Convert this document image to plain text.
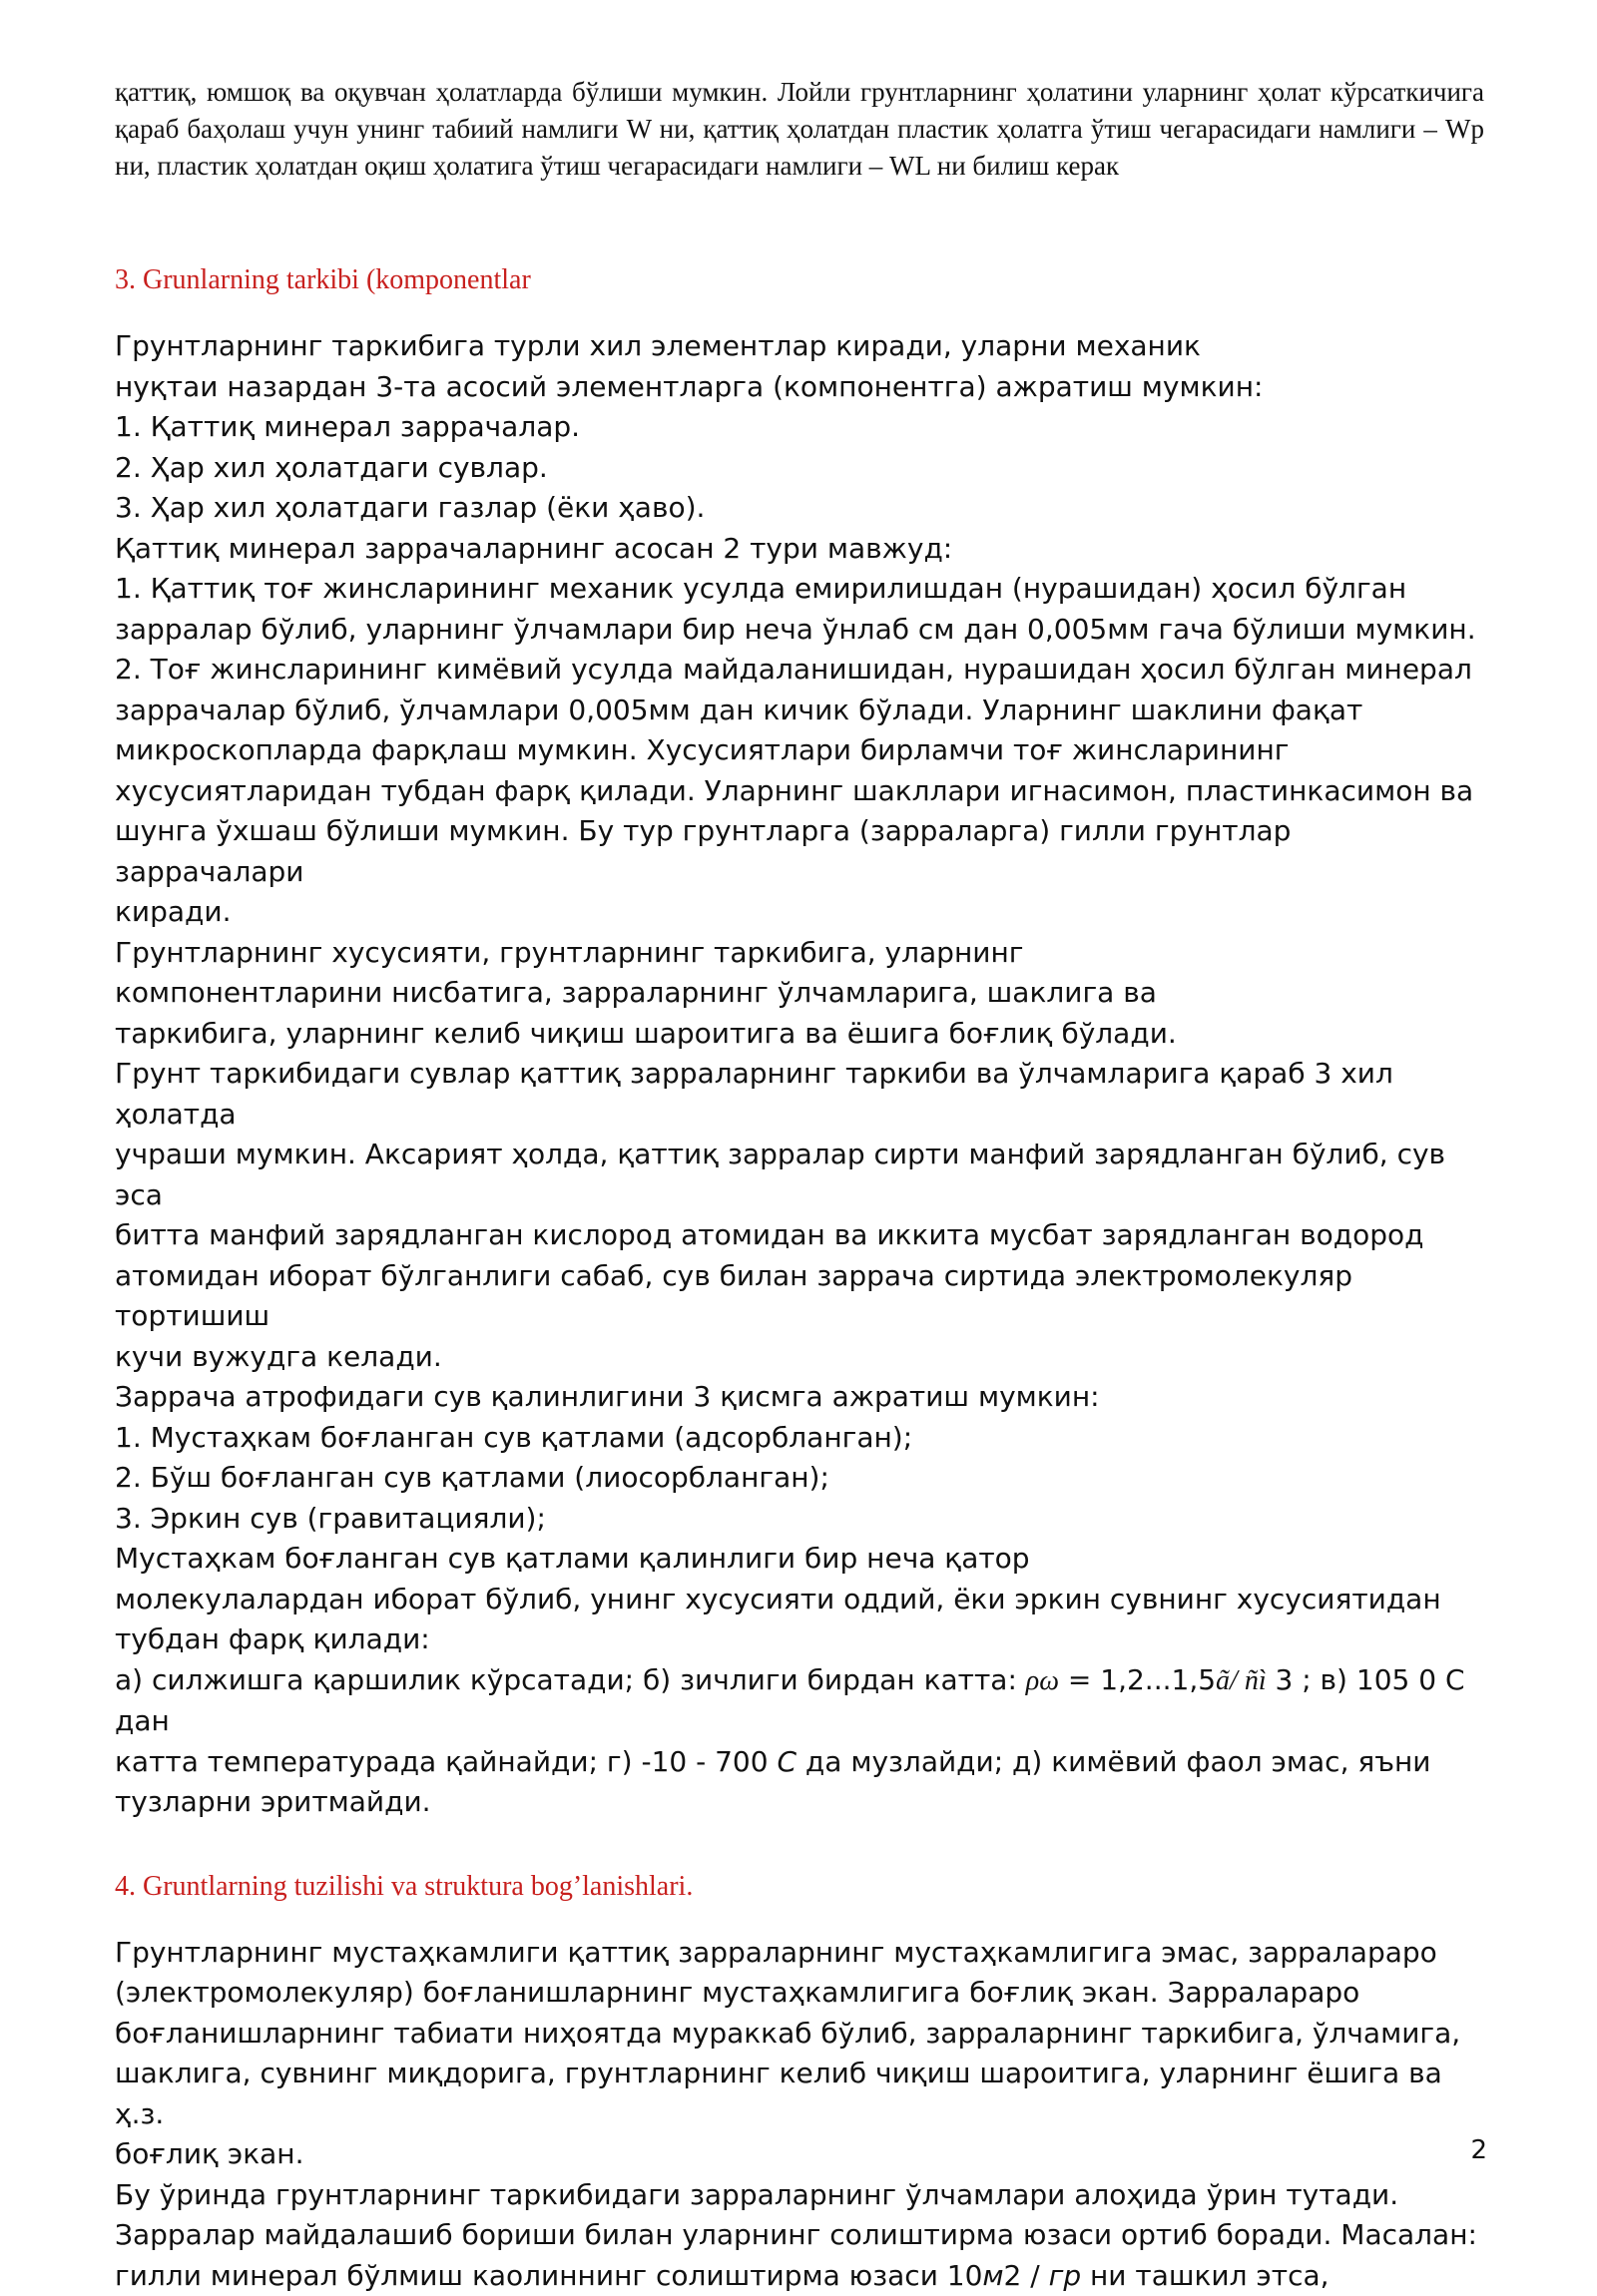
қаттиқ, юмшоқ ва оқувчан ҳолатларда бўлиши мумкин. Лойли грунтларнинг ҳолатини уларнинг ҳолат кўрсаткичига қараб баҳолаш учун унинг табиий намлиги W ни, қаттиқ ҳолатдан пластик ҳолатга ўтиш чегарасидаги намлиги – Wp ни, пластик ҳолатдан оқиш ҳолатига ўтиш чегарасидаги намлиги – WL ни билиш керак

3. Grunlarning tarkibi (komponentlar

Грунтларнинг таркибига турли хил элементлар киради, уларни механик

нуқтаи назардан 3-та асосий элементларга (компонентга) ажратиш мумкин:

1. Қаттиқ минерал заррачалар.

2. Ҳар хил ҳолатдаги сувлар.

3. Ҳар хил ҳолатдаги газлар (ёки ҳаво).

Қаттиқ минерал заррачаларнинг асосан 2 тури мавжуд:

1. Қаттиқ тоғ жинсларининг механик усулда емирилишдан (нурашидан) ҳосил бўлган

зарралар бўлиб, уларнинг ўлчамлари бир неча ўнлаб см дан 0,005мм гача бўлиши мумкин.

2. Тоғ жинсларининг кимёвий усулда майдаланишидан, нурашидан ҳосил бўлган минерал

заррачалар бўлиб, ўлчамлари 0,005мм дан кичик бўлади. Уларнинг шаклини фақат

микроскопларда фарқлаш мумкин. Хусусиятлари бирламчи тоғ жинсларининг

хусусиятларидан тубдан фарқ қилади. Уларнинг шакллари игнасимон, пластинкасимон ва

шунга ўхшаш бўлиши мумкин. Бу тур грунтларга (зарраларга) гилли грунтлар заррачалари

киради.

Грунтларнинг хусусияти, грунтларнинг таркибига, уларнинг

компонентларини нисбатига, зарраларнинг ўлчамларига, шаклига ва

таркибига, уларнинг келиб чиқиш шароитига ва ёшига боғлиқ бўлади.

Грунт таркибидаги сувлар қаттиқ зарраларнинг таркиби ва ўлчамларига қараб 3 хил ҳолатда

учраши мумкин. Аксарият ҳолда, қаттиқ зарралар сирти манфий зарядланган бўлиб, сув эса

битта манфий зарядланган кислород атомидан ва иккита мусбат зарядланган водород

атомидан иборат бўлганлиги сабаб, сув билан заррача сиртида электромолекуляр тортишиш

кучи вужудга келади.

Заррача атрофидаги сув қалинлигини 3 қисмга ажратиш мумкин:

1. Мустаҳкам боғланган сув қатлами (адсорбланган);

2. Бўш боғланган сув қатлами (лиосорбланган);

3. Эркин сув (гравитацияли);

Мустаҳкам боғланган сув қатлами қалинлиги бир неча қатор

молекулалардан иборат бўлиб, унинг хусусияти оддий, ёки эркин сувнинг хусусиятидан

тубдан фарқ қилади:

а) силжишга қаршилик кўрсатади; б) зичлиги бирдан катта: ρω = 1,2...1,5ã/ ñì 3 ; в) 105 0 С дан

катта температурада қайнайди; г) -10 - 700 С да музлайди; д) кимёвий фаол эмас, яъни

тузларни эритмайди.

4. Gruntlarning tuzilishi va struktura bog’lanishlari.

Грунтларнинг мустаҳкамлиги қаттиқ зарраларнинг мустаҳкамлигига эмас, зарралараро

(электромолекуляр) боғланишларнинг мустаҳкамлигига боғлиқ экан. Зарралараро

боғланишларнинг табиати ниҳоятда мураккаб бўлиб, зарраларнинг таркибига, ўлчамига,

шаклига, сувнинг миқдорига, грунтларнинг келиб чиқиш шароитига, уларнинг ёшига ва ҳ.з.

боғлиқ экан.

Бу ўринда грунтларнинг таркибидаги зарраларнинг ўлчамлари алоҳида ўрин тутади.

Зарралар майдалашиб бориши билан уларнинг солиштирма юзаси ортиб боради. Масалан:

гилли минерал бўлмиш каолиннинг солиштирма юзаси 10м2 / гр ни ташкил этса,

2
